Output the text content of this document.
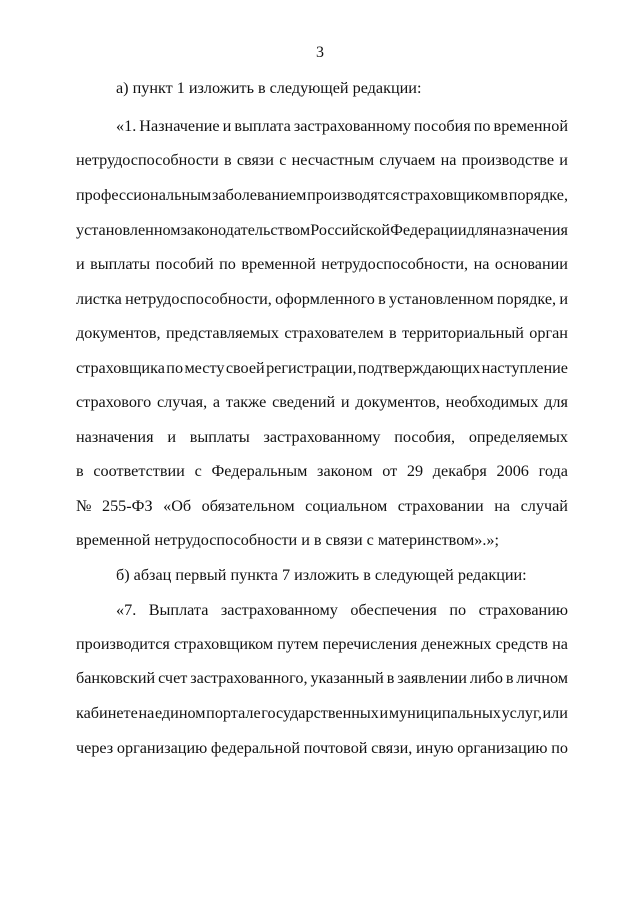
3
а) пункт 1 изложить в следующей редакции:
«1. Назначение и выплата застрахованному пособия по временной
нетрудоспособности в связи с несчастным случаем на производстве и
профессиональным заболеванием производятся страховщиком в порядке,
установленном законодательством Российской Федерации для назначения
и выплаты пособий по временной нетрудоспособности, на основании
листка нетрудоспособности, оформленного в установленном порядке, и
документов, представляемых страхователем в территориальный орган
страховщика по месту своей регистрации, подтверждающих наступление
страхового случая, а также сведений и документов, необходимых для
назначения и выплаты застрахованному пособия, определяемых
в соответствии с Федеральным законом от 29 декабря 2006 года
№ 255-ФЗ «Об обязательном социальном страховании на случай
временной нетрудоспособности и в связи с материнством».»;
б) абзац первый пункта 7 изложить в следующей редакции:
«7. Выплата застрахованному обеспечения по страхованию
производится страховщиком путем перечисления денежных средств на
банковский счет застрахованного, указанный в заявлении либо в личном
кабинете на едином портале государственных и муниципальных услуг, или
через организацию федеральной почтовой связи, иную организацию по
